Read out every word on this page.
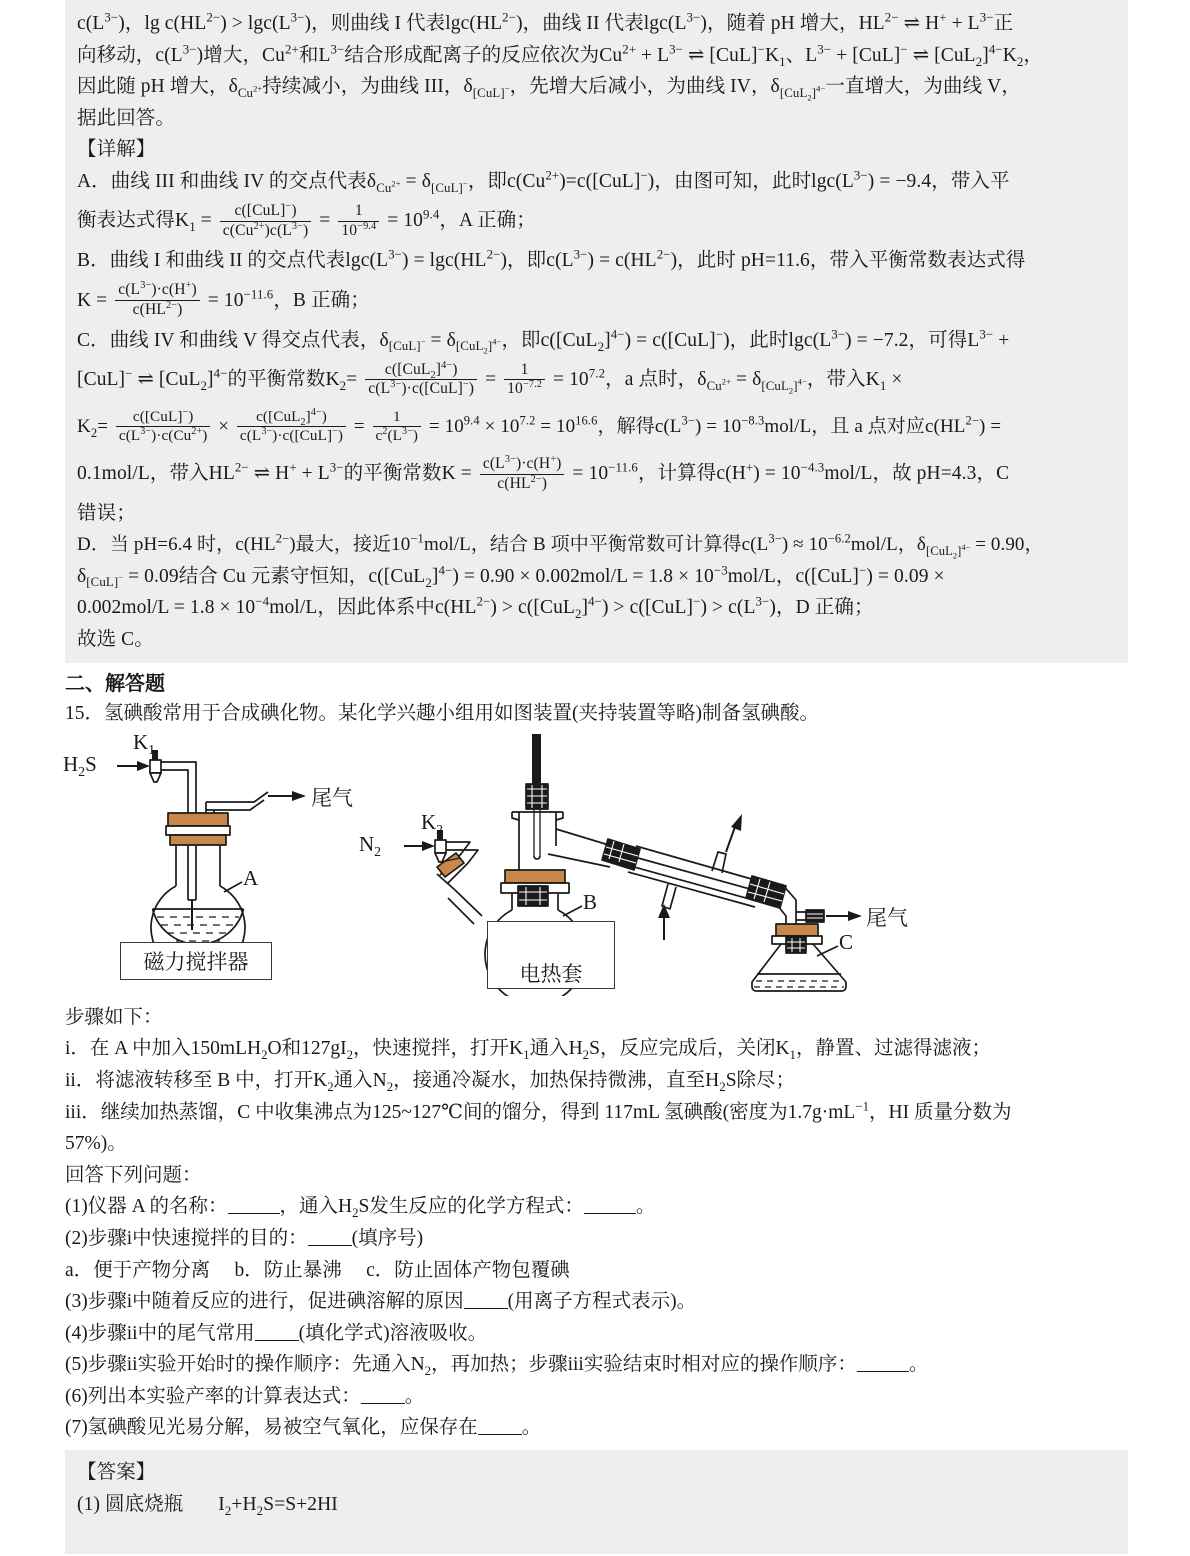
$c(L^{3-})$，$\lg c(HL^{2-}) > \lg c(L^{3-})$，则曲线 I 代表$\lg c(HL^{2-})$，曲线 II 代表$\lg c(L^{3-})$，随着 pH 增大，$HL^{2-}$ ⇌ $H^+ + L^{3-}$正
向移动，$c(L^{3-})$增大，$Cu^{2+}$和$L^{3-}$结合形成配离子的反应依次为$Cu^{2+} + L^{3-}$ ⇌ $[CuL]^-K_1$、$L^{3-} + [CuL]^-$ ⇌ $[CuL_2]^{4-}K_2$，
因此随 pH 增大，$\delta_{Cu^{2+}}$持续减小，为曲线 III，$\delta_{[CuL]^-}$，先增大后减小，为曲线 IV，$\delta_{[CuL_2]^{4-}}$一直增大，为曲线 V，
据此回答。
【详解】
A．曲线 III 和曲线 IV 的交点代表$\delta_{Cu^{2+}} = \delta_{[CuL]^-}$，即$c(Cu^{2+})=c([CuL]^-)$，由图可知，此时$\lg c(L^{3-}) = -9.4$，带入平
衡表达式得$K_1 = \frac{c([CuL]^-)}{c(Cu^{2+})c(L^{3-})} = \frac{1}{10^{-9.4}} = 10^{9.4}$，A 正确；
B．曲线 I 和曲线 II 的交点代表$\lg c(L^{3-}) = \lg c(HL^{2-})$，即$c(L^{3-}) = c(HL^{2-})$，此时 pH=11.6，带入平衡常数表达式得
$K = \frac{c(L^{3-})\cdot c(H^+)}{c(HL^{2-})} = 10^{-11.6}$，B 正确；
C．曲线 IV 和曲线 V 得交点代表，$\delta_{[CuL]^-} = \delta_{[CuL_2]^{4-}}$，即$c([CuL_2]^{4-}) = c([CuL]^-)$，此时$\lg c(L^{3-}) = -7.2$，可得$L^{3-}$ +
[CuL]− ⇌ $[CuL_2]^{4-}$的平衡常数$K_2= \frac{c([CuL_2]^{4-})}{c(L^{3-})\cdot c([CuL]^-)} = \frac{1}{10^{-7.2}} = 10^{7.2}$，a 点时，$\delta_{Cu^{2+}} = \delta_{[CuL_2]^{4-}}$，带入$K_1$ ×
$K_2= \frac{c([CuL]^-)}{c(L^{3-})\cdot c(Cu^{2+})} \times \frac{c([CuL_2]^{4-})}{c(L^{3-})\cdot c([CuL]^-)} = \frac{1}{c^2(L^{3-})} = 10^{9.4} \times 10^{7.2} = 10^{16.6}$，解得$c(L^{3-}) = 10^{-8.3}mol/L$，且 a 点对应$c(HL^{2-})$ =
0.1mol/L，带入$HL^{2-}$ ⇌ $H^+ + L^{3-}$的平衡常数$K = \frac{c(L^{3-})\cdot c(H^+)}{c(HL^{2-})} = 10^{-11.6}$，计算得$c(H^+) = 10^{-4.3}mol/L$，故 pH=4.3，C
错误；
D．当 pH=6.4 时，$c(HL^{2-})$最大，接近$10^{-1}mol/L$，结合 B 项中平衡常数可计算得$c(L^{3-}) \approx 10^{-6.2}mol/L$，$\delta_{[CuL_2]^{4-}} = 0.90$，
$\delta_{[CuL]^-} = 0.09$结合 Cu 元素守恒知，$c([CuL_2]^{4-}) = 0.90 \times 0.002mol/L = 1.8 \times 10^{-3}mol/L$，c([CuL]−) = 0.09 ×
$0.002mol/L = 1.8 \times 10^{-4}mol/L$，因此体系中$c(HL^{2-}) > c([CuL_2]^{4-}) > c([CuL]^-) > c(L^{3-})$，D 正确；
故选 C。
二、解答题
15．氢碘酸常用于合成碘化物。某化学兴趣小组用如图装置(夹持装置等略)制备氢碘酸。
$K_1$
$H_2S$
尾气
A
磁力搅拌器
$K_2$
$N_2$
B
电热套
尾气
C
步骤如下：
i．在 A 中加入150mLH$_2$O和$127gI_2$，快速搅拌，打开$K_1$通入$H_2S$，反应完成后，关闭$K_1$，静置、过滤得滤液；
ii．将滤液转移至 B 中，打开$K_2$通入$N_2$，接通冷凝水，加热保持微沸，直至$H_2S$除尽；
iii．继续加热蒸馏，C 中收集沸点为125~127℃间的馏分，得到 117mL 氢碘酸(密度为$1.7g\cdot mL^{-1}$，HI 质量分数为
57%)。
回答下列问题：
(1)仪器 A 的名称：	，通入$H_2S$发生反应的化学方程式：	。
(2)步骤i中快速搅拌的目的： (填序号)
a．便于产物分离　 b．防止暴沸　 c．防止固体产物包覆碘
(3)步骤i中随着反应的进行，促进碘溶解的原因 (用离子方程式表示)。
(4)步骤ii中的尾气常用 (填化学式)溶液吸收。
(5)步骤ii实验开始时的操作顺序：先通入$N_2$，再加热；步骤iii实验结束时相对应的操作顺序：	。
(6)列出本实验产率的计算表达式： 。
(7)氢碘酸见光易分解，易被空气氧化，应保存在 。
【答案】
(1) 圆底烧瓶       $I_2+H_2S=S+2HI$
